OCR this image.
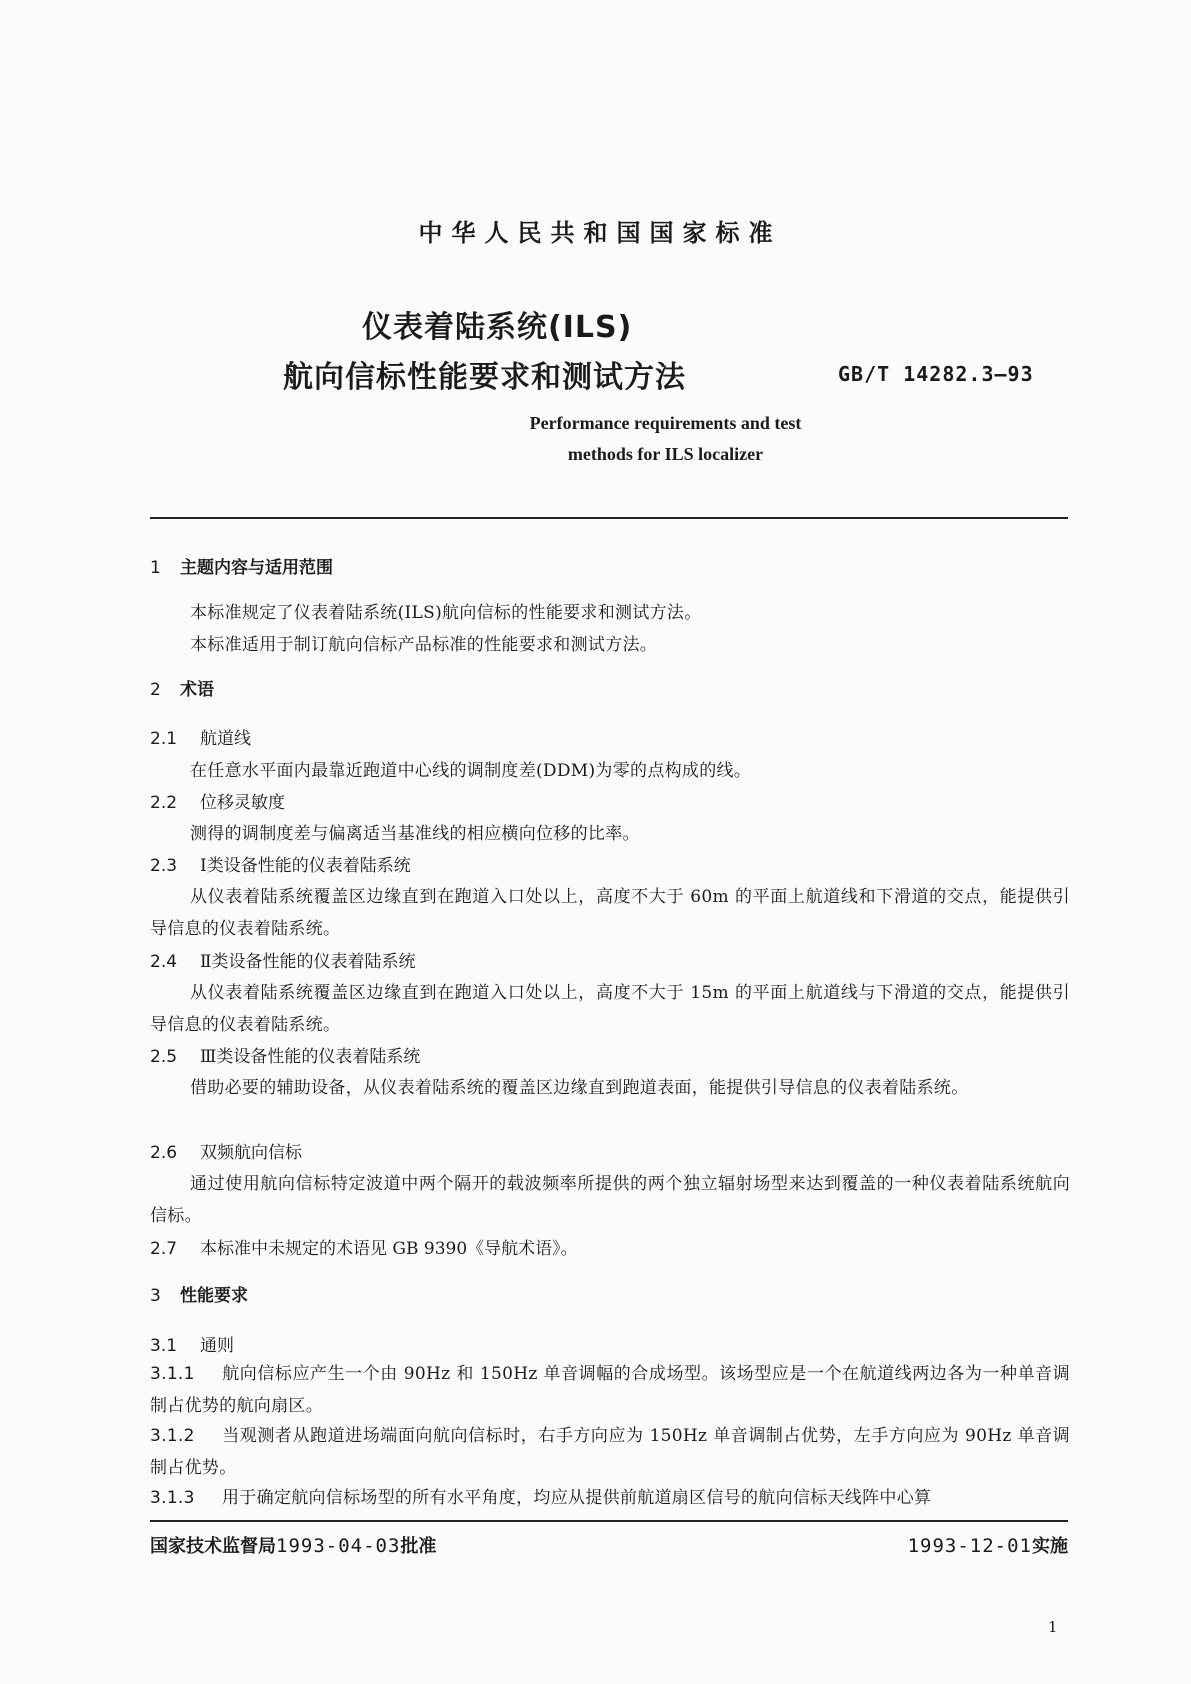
中华人民共和国国家标准
仪表着陆系统(ILS)
航向信标性能要求和测试方法	GB/T 14282.3—93
Performance requirements and test
methods for ILS localizer
1 主题内容与适用范围
本标准规定了仪表着陆系统(ILS)航向信标的性能要求和测试方法。
本标准适用于制订航向信标产品标准的性能要求和测试方法。
2 术语
2.1 航道线
在任意水平面内最靠近跑道中心线的调制度差(DDM)为零的点构成的线。
2.2 位移灵敏度
测得的调制度差与偏离适当基准线的相应横向位移的比率。
2.3 Ⅰ类设备性能的仪表着陆系统
从仪表着陆系统覆盖区边缘直到在跑道入口处以上，高度不大于 60m 的平面上航道线和下滑道的交点，能提供引导信息的仪表着陆系统。
2.4 Ⅱ类设备性能的仪表着陆系统
从仪表着陆系统覆盖区边缘直到在跑道入口处以上，高度不大于 15m 的平面上航道线与下滑道的交点，能提供引导信息的仪表着陆系统。
2.5 Ⅲ类设备性能的仪表着陆系统
借助必要的辅助设备，从仪表着陆系统的覆盖区边缘直到跑道表面，能提供引导信息的仪表着陆系统。
2.6 双频航向信标
通过使用航向信标特定波道中两个隔开的载波频率所提供的两个独立辐射场型来达到覆盖的一种仪表着陆系统航向信标。
2.7 本标准中未规定的术语见 GB 9390《导航术语》。
3 性能要求
3.1 通则
3.1.1 航向信标应产生一个由 90Hz 和 150Hz 单音调幅的合成场型。该场型应是一个在航道线两边各为一种单音调制占优势的航向扇区。
3.1.2 当观测者从跑道进场端面向航向信标时，右手方向应为 150Hz 单音调制占优势，左手方向应为 90Hz 单音调制占优势。
3.1.3 用于确定航向信标场型的所有水平角度，均应从提供前航道扇区信号的航向信标天线阵中心算
国家技术监督局1993-04-03批准	1993-12-01实施
1
